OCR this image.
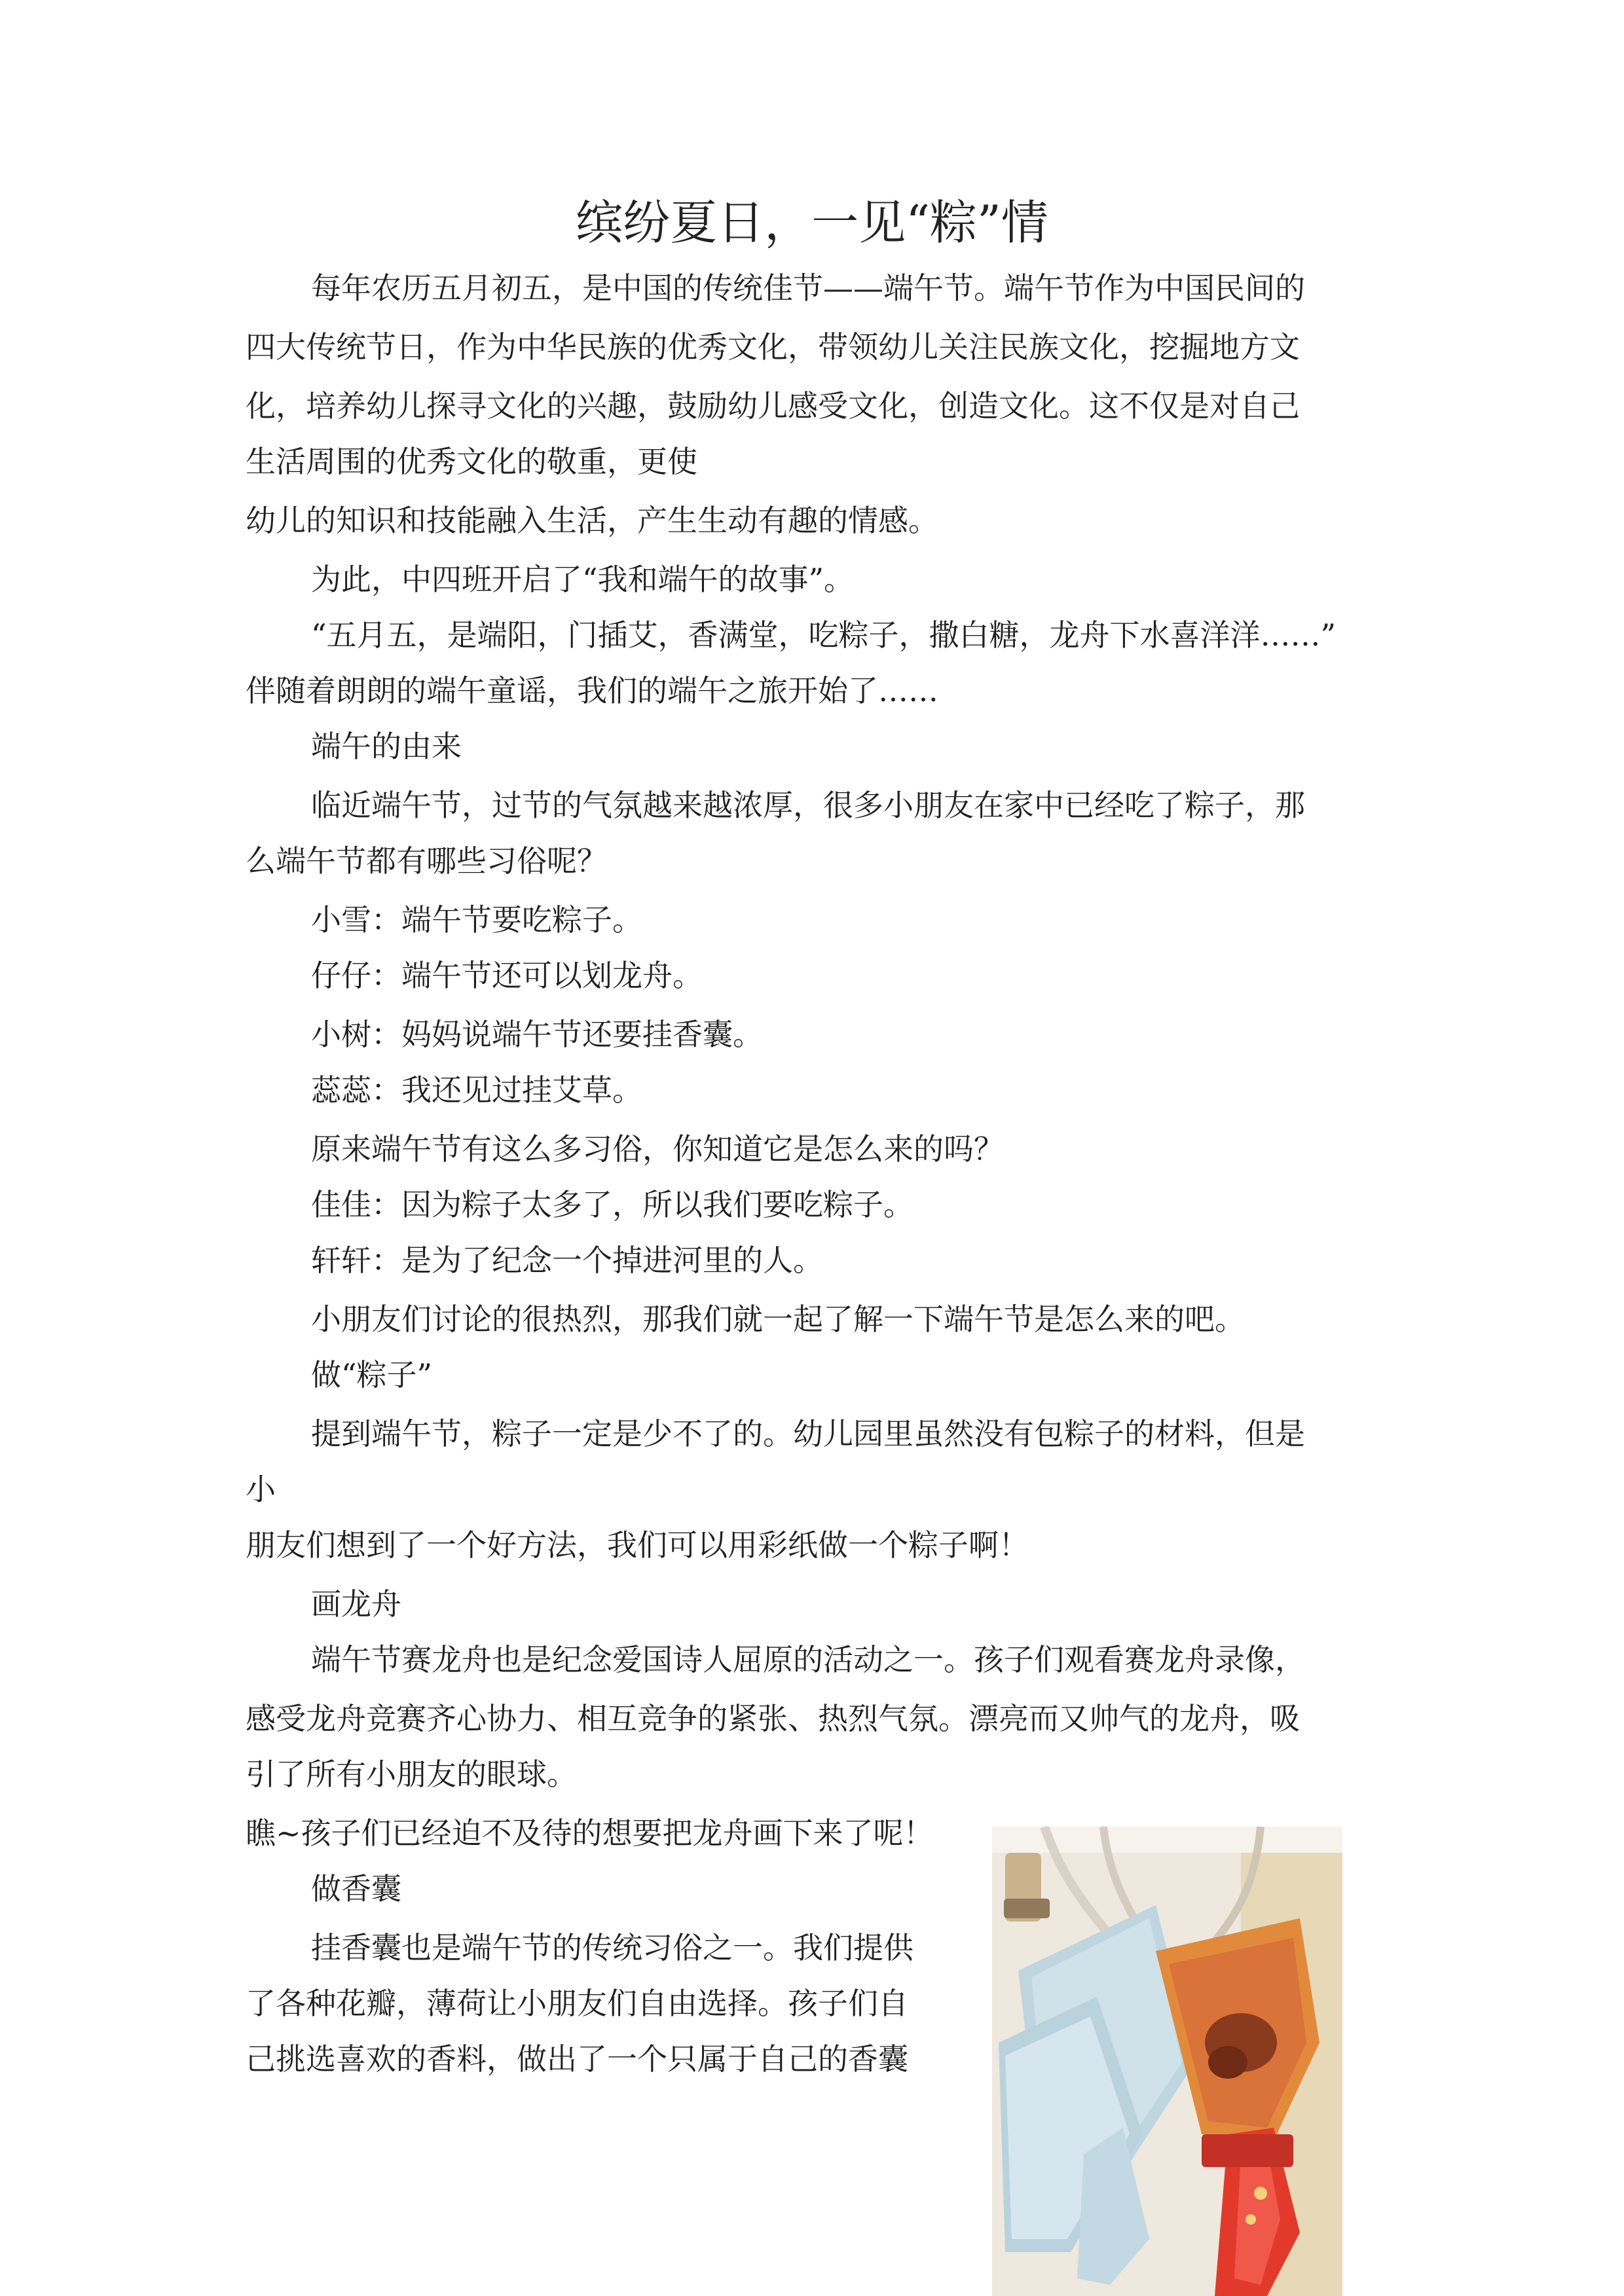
缤纷夏日，一见“粽”情
每年农历五月初五，是中国的传统佳节——端午节。端午节作为中国民间的
四大传统节日，作为中华民族的优秀文化，带领幼儿关注民族文化，挖掘地方文
化，培养幼儿探寻文化的兴趣，鼓励幼儿感受文化，创造文化。这不仅是对自己
生活周围的优秀文化的敬重，更使
幼儿的知识和技能融入生活，产生生动有趣的情感。
为此，中四班开启了“我和端午的故事”。
“五月五，是端阳，门插艾，香满堂，吃粽子，撒白糖，龙舟下水喜洋洋……”
伴随着朗朗的端午童谣，我们的端午之旅开始了……
端午的由来
临近端午节，过节的气氛越来越浓厚，很多小朋友在家中已经吃了粽子，那
么端午节都有哪些习俗呢？
小雪：端午节要吃粽子。
仔仔：端午节还可以划龙舟。
小树：妈妈说端午节还要挂香囊。
蕊蕊：我还见过挂艾草。
原来端午节有这么多习俗，你知道它是怎么来的吗？
佳佳：因为粽子太多了，所以我们要吃粽子。
轩轩：是为了纪念一个掉进河里的人。
小朋友们讨论的很热烈，那我们就一起了解一下端午节是怎么来的吧。
做“粽子”
提到端午节，粽子一定是少不了的。幼儿园里虽然没有包粽子的材料，但是
小
朋友们想到了一个好方法，我们可以用彩纸做一个粽子啊！
画龙舟
端午节赛龙舟也是纪念爱国诗人屈原的活动之一。孩子们观看赛龙舟录像，
感受龙舟竞赛齐心协力、相互竞争的紧张、热烈气氛。漂亮而又帅气的龙舟，吸
引了所有小朋友的眼球。
瞧~孩子们已经迫不及待的想要把龙舟画下来了呢！
做香囊
挂香囊也是端午节的传统习俗之一。我们提供
了各种花瓣，薄荷让小朋友们自由选择。孩子们自
己挑选喜欢的香料，做出了一个只属于自己的香囊
